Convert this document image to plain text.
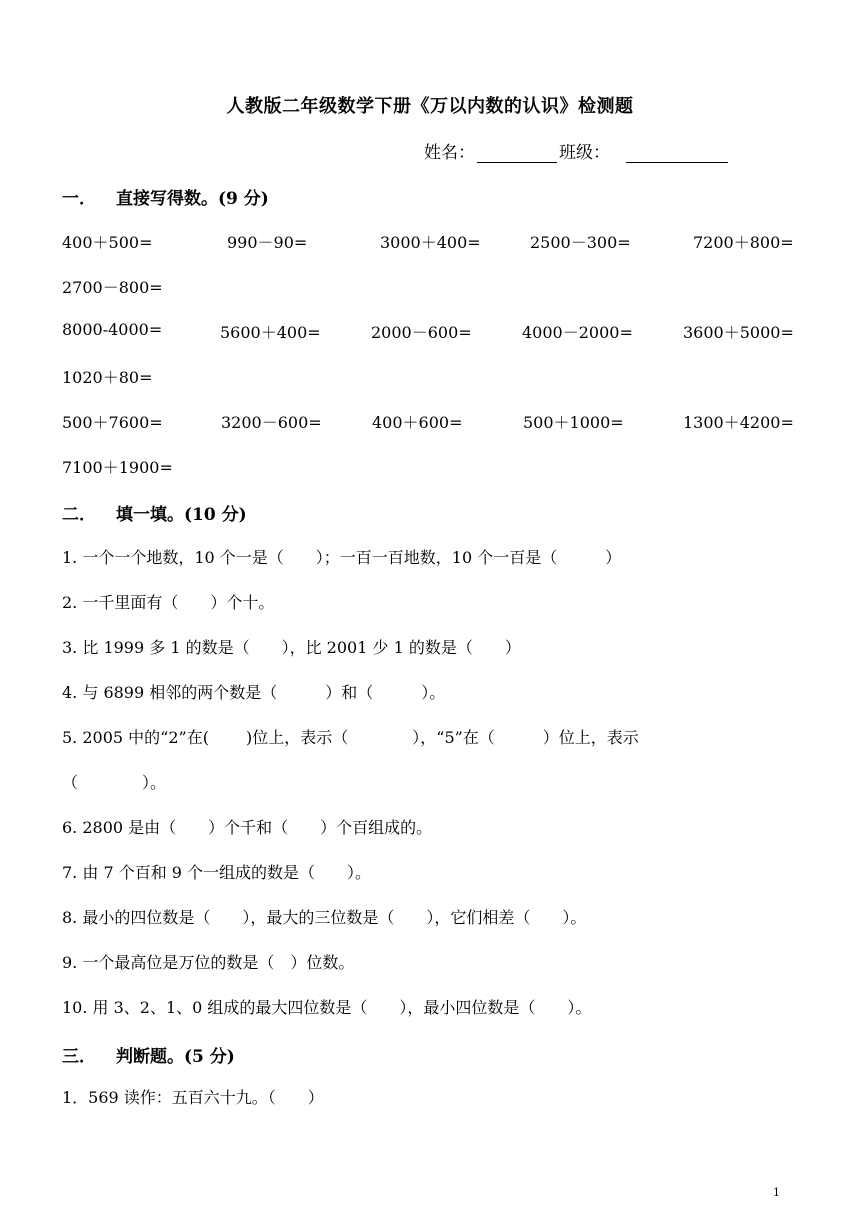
人教版二年级数学下册《万以内数的认识》检测题
姓名：	班级：
一． 直接写得数。(9 分)
400＋500=	990－90=	3000＋400=	2500－300=	7200＋800=
2700－800=
8000-4000=	5600＋400=	2000－600=	4000－2000=	3600＋5000=
1020＋80=
500＋7600=	3200－600=	400＋600=	500＋1000=	1300＋4200=
7100＋1900=
二． 填一填。(10 分)
1. 一个一个地数，10 个一是（　　）；一百一百地数，10 个一百是（　　　）
2. 一千里面有（　　）个十。
3. 比 1999 多 1 的数是（　　），比 2001 少 1 的数是（　　）
4. 与 6899 相邻的两个数是（　　　）和（　　　）。
5. 2005 中的“2”在(　　 )位上，表示（　　　　），“5”在（　　　）位上，表示
（　　　　）。
6. 2800 是由（　　）个千和（　　）个百组成的。
7. 由 7 个百和 9 个一组成的数是（　　）。
8. 最小的四位数是（　　），最大的三位数是（　　），它们相差（　　）。
9. 一个最高位是万位的数是（　）位数。
10. 用 3、2、1、0 组成的最大四位数是（　　），最小四位数是（　　）。
三． 判断题。(5 分)
1．569 读作：五百六十九。（　　）
1
